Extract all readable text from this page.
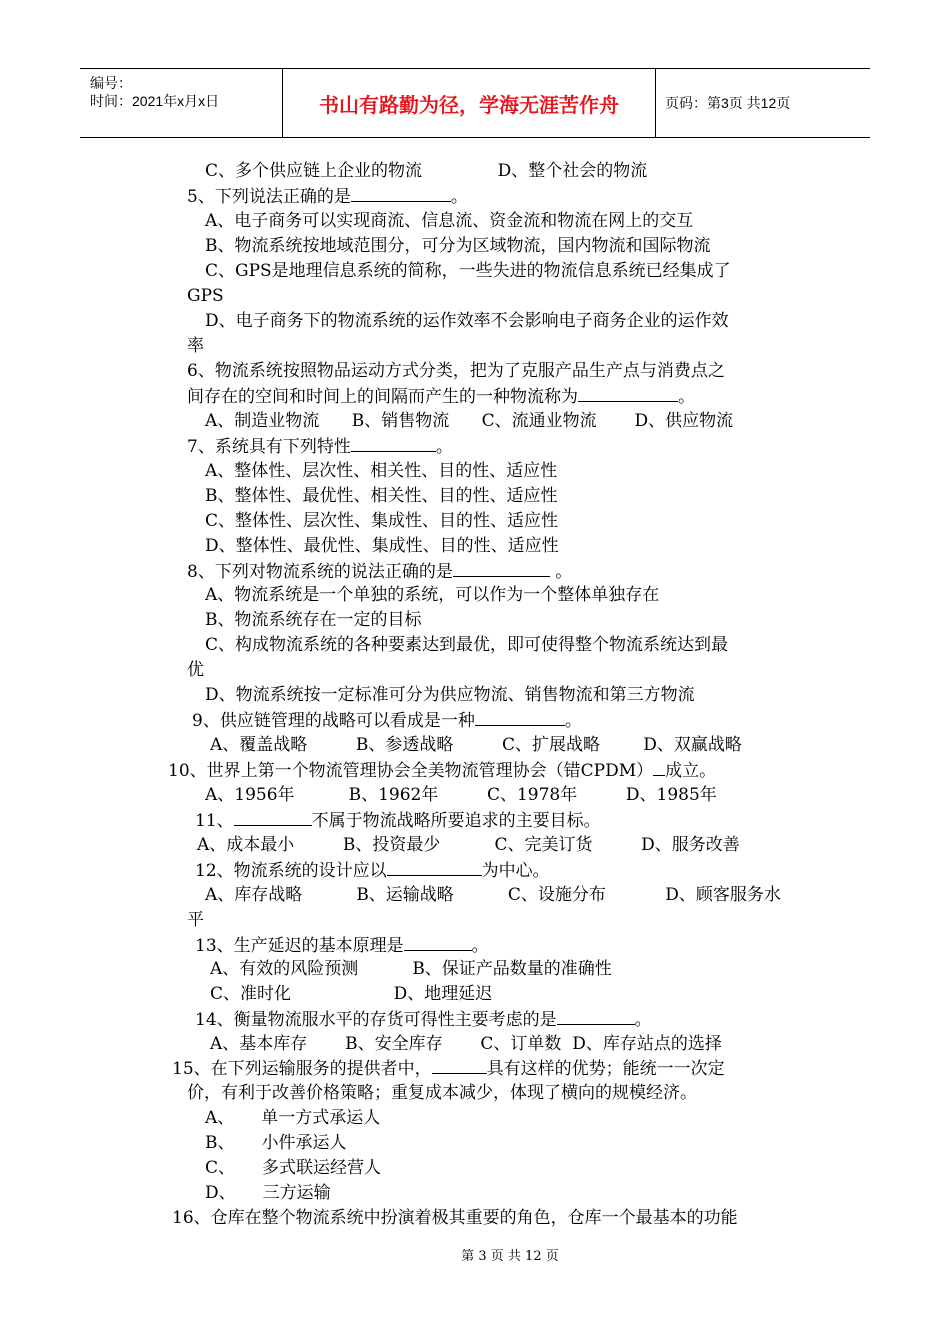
编号：
时间：2021年x月x日	书山有路勤为径，学海无涯苦作舟	页码：第3页 共12页
C、多个供应链上企业的物流              D、整个社会的物流
5、下列说法正确的是	。
A、电子商务可以实现商流、信息流、资金流和物流在网上的交互
B、物流系统按地域范围分，可分为区域物流，国内物流和国际物流
C、GPS是地理信息系统的简称，一些失进的物流信息系统已经集成了
GPS
D、电子商务下的物流系统的运作效率不会影响电子商务企业的运作效
率
6、物流系统按照物品运动方式分类，把为了克服产品生产点与消费点之
间存在的空间和时间上的间隔而产生的一种物流称为	。
A、制造业物流      B、销售物流      C、流通业物流       D、供应物流
7、系统具有下列特性	。
A、整体性、层次性、相关性、目的性、适应性
B、整体性、最优性、相关性、目的性、适应性
C、整体性、层次性、集成性、目的性、适应性
D、整体性、最优性、集成性、目的性、适应性
8、下列对物流系统的说法正确的是	。
A、物流系统是一个单独的系统，可以作为一个整体单独存在
B、物流系统存在一定的目标
C、构成物流系统的各种要素达到最优，即可使得整个物流系统达到最
优
D、物流系统按一定标准可分为供应物流、销售物流和第三方物流
9、供应链管理的战略可以看成是一种	。
A、覆盖战略         B、参透战略         C、扩展战略        D、双赢战略
10、世界上第一个物流管理协会全美物流管理协会（错CPDM） 成立。
A、1956年          B、1962年         C、1978年         D、1985年
11、	不属于物流战略所要追求的主要目标。
A、成本最小         B、投资最少          C、完美订货         D、服务改善
12、物流系统的设计应以	为中心。
A、库存战略          B、运输战略          C、设施分布           D、顾客服务水
平
13、生产延迟的基本原理是	。
A、有效的风险预测          B、保证产品数量的准确性
C、准时化                   D、地理延迟
14、衡量物流服水平的存货可得性主要考虑的是	。
A、基本库存       B、安全库存       C、订单数  D、库存站点的选择
15、在下列运输服务的提供者中，	具有这样的优势；能统一一次定
价，有利于改善价格策略；重复成本减少，体现了横向的规模经济。
A、     单一方式承运人
B、     小件承运人
C、     多式联运经营人
D、     三方运输
16、仓库在整个物流系统中扮演着极其重要的角色，仓库一个最基本的功能
第 3 页 共 12 页
